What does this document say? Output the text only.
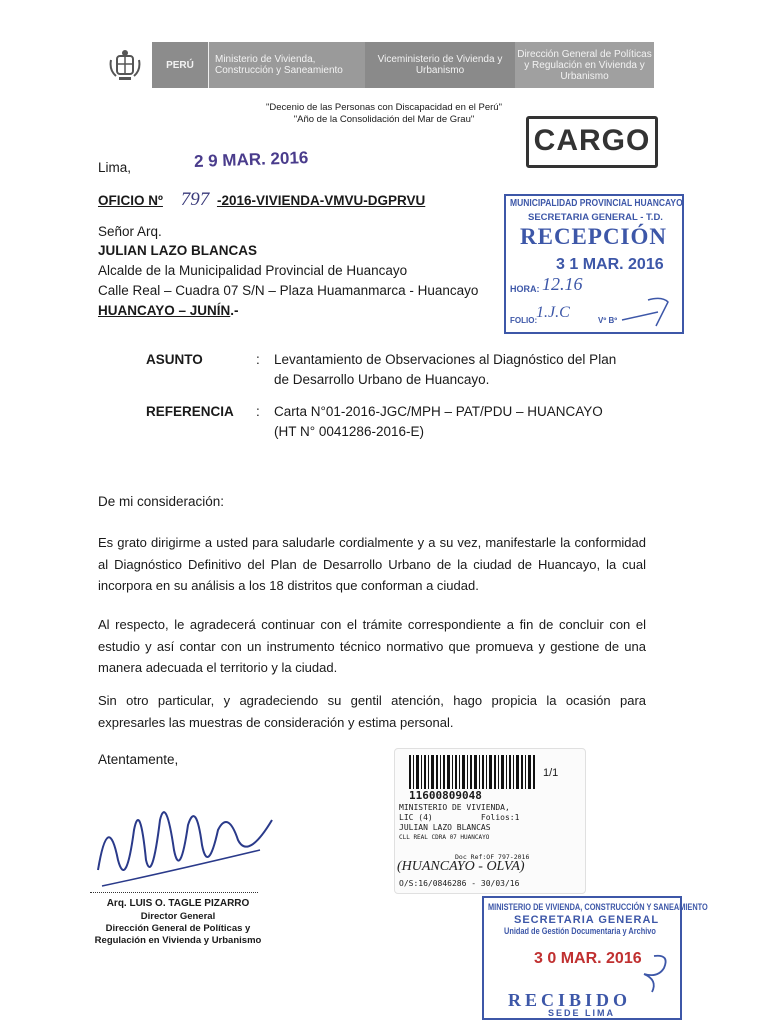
PERÚ	Ministerio de Vivienda, Construcción y Saneamiento
Viceministerio de Vivienda y Urbanismo
Dirección General de Políticas y Regulación en Vivienda y Urbanismo
"Decenio de las Personas con Discapacidad en el Perú"
"Año de la Consolidación del Mar de Grau"
CARGO
Lima,	2 9 MAR. 2016
OFICIO Nº 797 -2016-VIVIENDA-VMVU-DGPRVU
Señor Arq.
JULIAN LAZO BLANCAS
Alcalde de la Municipalidad Provincial de Huancayo
Calle Real – Cuadra 07 S/N – Plaza Huamanmarca - Huancayo
HUANCAYO – JUNÍN.-
MUNICIPALIDAD PROVINCIAL HUANCAYO
SECRETARIA GENERAL - T.D.
RECEPCIÓN
3 1 MAR. 2016
HORA: 12.16
FOLIO:
1.J.C	Vº Bº
ASUNTO	: Levantamiento de Observaciones al Diagnóstico del Plan
de Desarrollo Urbano de Huancayo.
REFERENCIA : Carta N°01-2016-JGC/MPH – PAT/PDU – HUANCAYO
(HT N° 0041286-2016-E)
De mi consideración:
Es grato dirigirme a usted para saludarle cordialmente y a su vez, manifestarle la conformidad al Diagnóstico Definitivo del Plan de Desarrollo Urbano de la ciudad de Huancayo, la cual incorpora en su análisis a los 18 distritos que conforman a ciudad.
Al respecto, le agradecerá continuar con el trámite correspondiente a fin de concluir con el estudio y así contar con un instrumento técnico normativo que promueva y gestione de una manera adecuada el territorio y la ciudad.
Sin otro particular, y agradeciendo su gentil atención, hago propicia la ocasión para expresarles las muestras de consideración y estima personal.
Atentamente,
Arq. LUIS O. TAGLE PIZARRO
Director General
Dirección General de Políticas y
Regulación en Vivienda y Urbanismo
1/1
11600809048
MINISTERIO DE VIVIENDA,
LIC (4)          Folios:1
JULIAN LAZO BLANCAS
CLL REAL CDRA 07 HUANCAYO
Doc Ref:OF 797-2016
(HUANCAYO - OLVA)
O/S:16/0846286 - 30/03/16
MINISTERIO DE VIVIENDA, CONSTRUCCIÓN Y SANEAMIENTO
SECRETARIA GENERAL
Unidad de Gestión Documentaria y Archivo
3 0 MAR. 2016
RECIBIDO
SEDE LIMA
